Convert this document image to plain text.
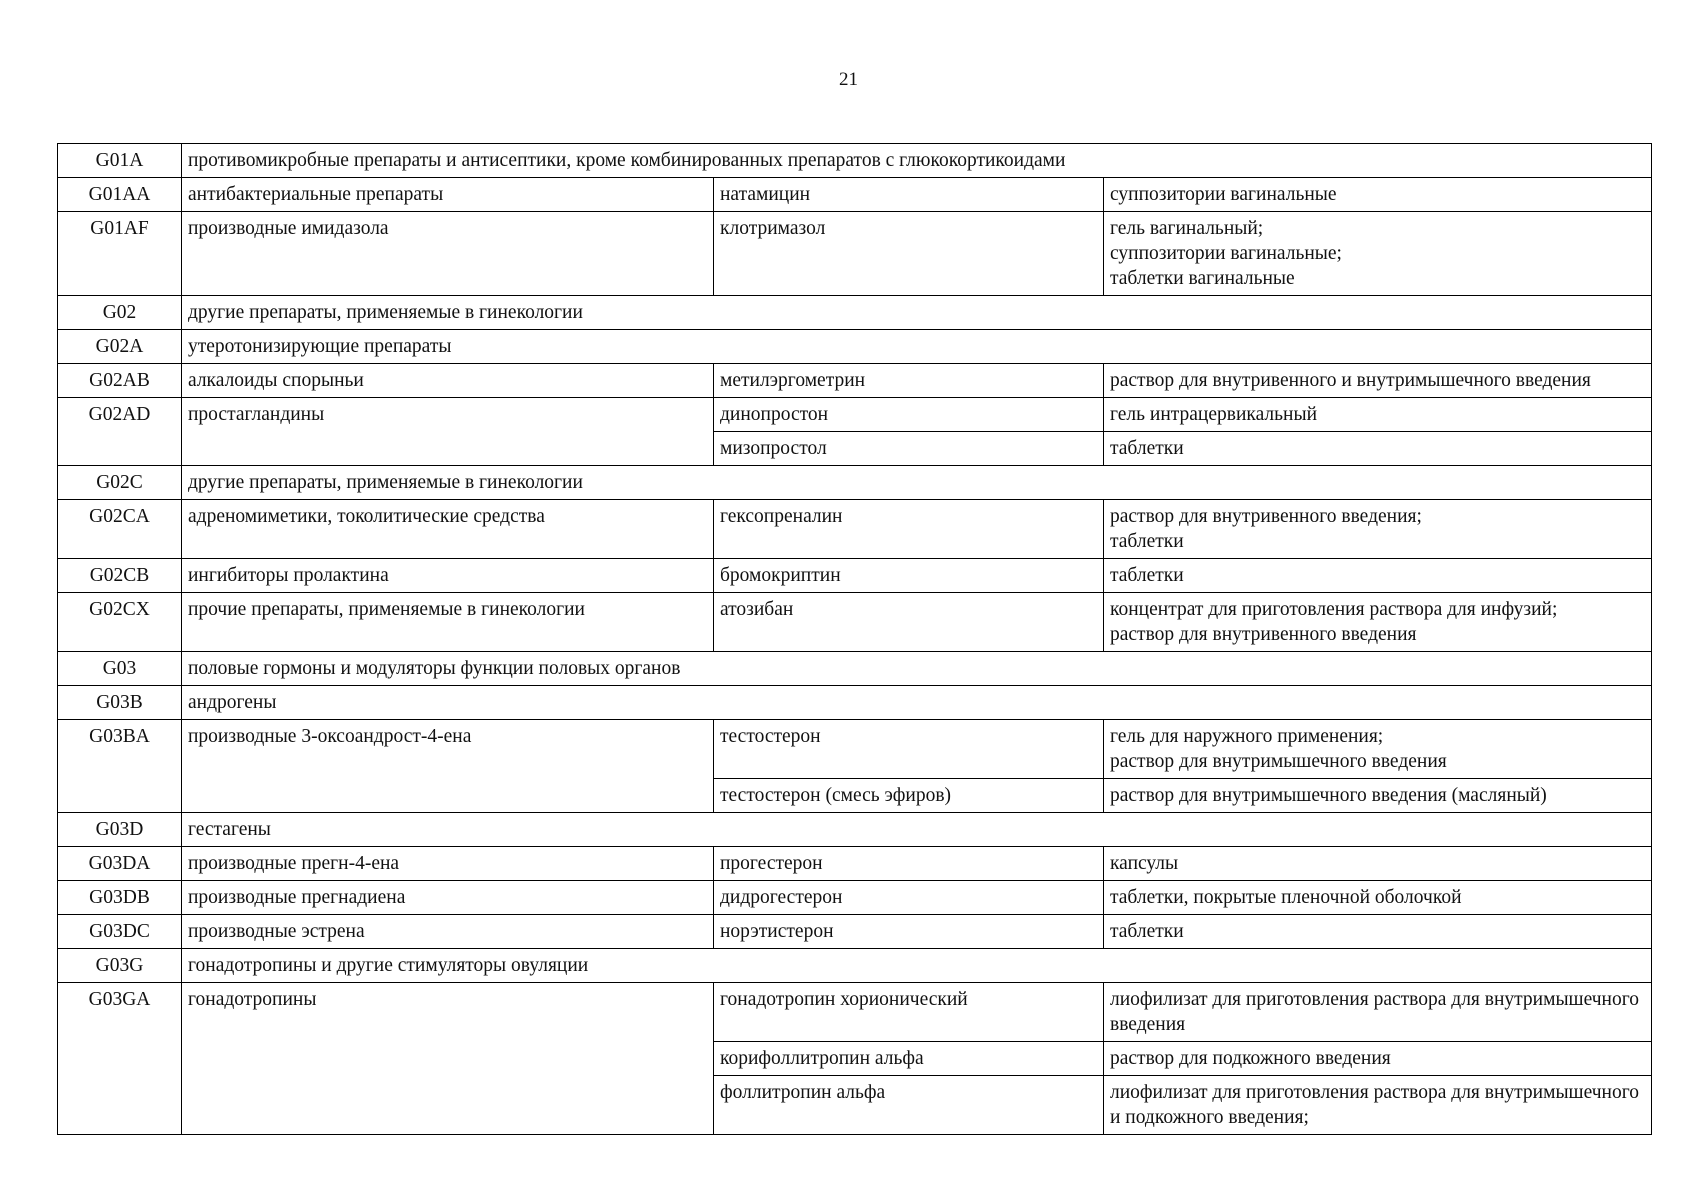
21
G01A	противомикробные препараты и антисептики, кроме комбинированных препаратов с глюкокортикоидами		
G01AA	антибактериальные препараты	натамицин	суппозитории вагинальные
G01AF	производные имидазола	клотримазол	гель вагинальный;
суппозитории вагинальные;
таблетки вагинальные
G02	другие препараты, применяемые в гинекологии		
G02A	утеротонизирующие препараты		
G02AB	алкалоиды спорыньи	метилэргометрин	раствор для внутривенного и внутримышечного введения
G02AD	простагландины	динопростон	гель интрацервикальный
		мизопростол	таблетки
G02C	другие препараты, применяемые в гинекологии		
G02CA	адреномиметики, токолитические средства	гексопреналин	раствор для внутривенного введения;
таблетки
G02CB	ингибиторы пролактина	бромокриптин	таблетки
G02CX	прочие препараты, применяемые в гинекологии	атозибан	концентрат для приготовления раствора для инфузий;
раствор для внутривенного введения
G03	половые гормоны и модуляторы функции половых органов		
G03B	андрогены		
G03BA	производные 3-оксоандрост-4-ена	тестостерон	гель для наружного применения;
раствор для внутримышечного введения
		тестостерон (смесь эфиров)	раствор для внутримышечного введения (масляный)
G03D	гестагены		
G03DA	производные прегн-4-ена	прогестерон	капсулы
G03DB	производные прегнадиена	дидрогестерон	таблетки, покрытые пленочной оболочкой
G03DC	производные эстрена	норэтистерон	таблетки
G03G	гонадотропины и другие стимуляторы овуляции		
G03GA	гонадотропины	гонадотропин хорионический	лиофилизат для приготовления раствора для внутримышечного введения
		корифоллитропин альфа	раствор для подкожного введения
		фоллитропин альфа	лиофилизат для приготовления раствора для внутримышечного и подкожного введения;
